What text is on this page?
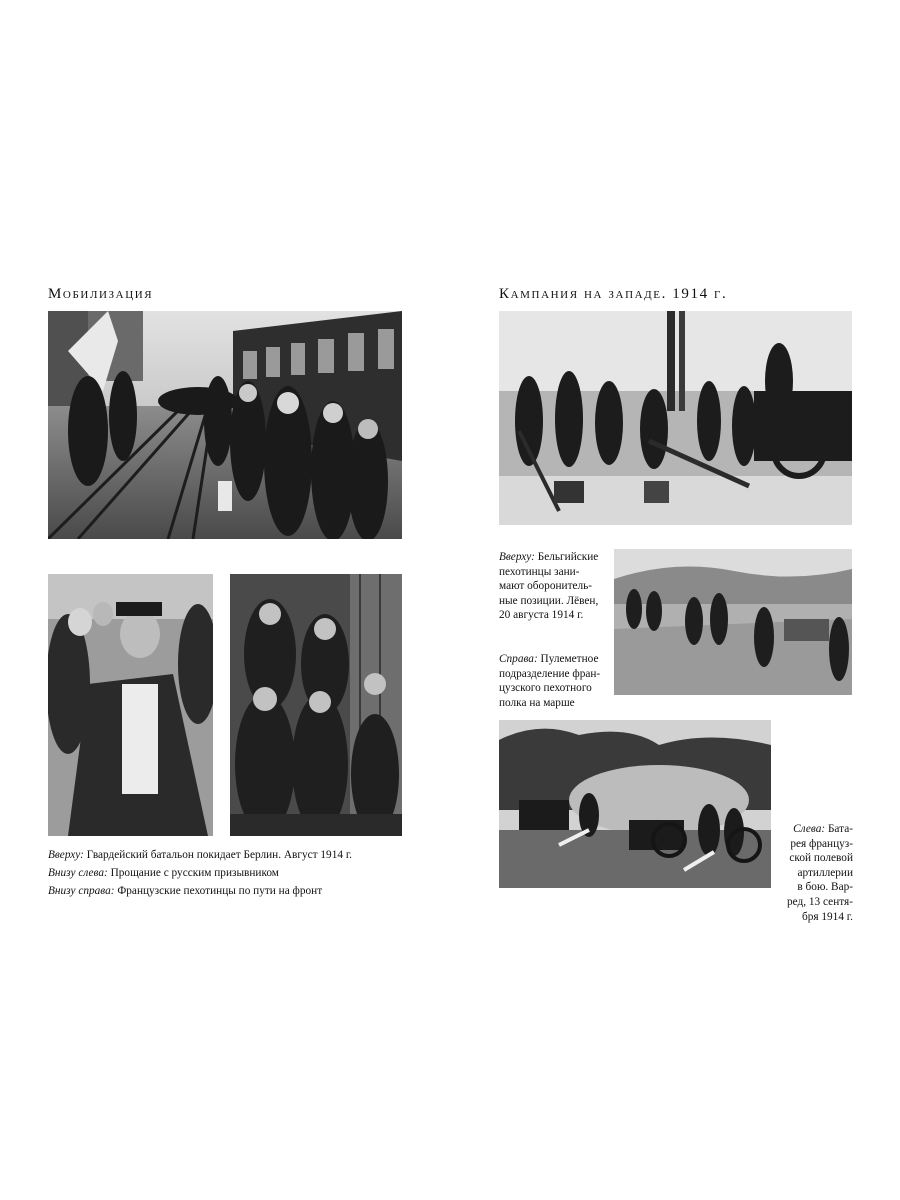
Мобилизация
Вверху: Гвардейский батальон покидает Берлин. Август 1914 г.
Внизу слева: Прощание с русским призывником
Внизу справа: Французские пехотинцы по пути на фронт
Кампания на западе. 1914 г.

Вверху: Бельгийские

пехотинцы зани-

мают оборонитель-

ные позиции. Лёвен,

20 августа 1914 г.

Справа: Пулеметное

подразделение фран-

цузского пехотного

полка на марше

Слева: Бата-

рея француз-

ской полевой

артиллерии

в бою. Вар-

ред, 13 сентя-

бря 1914 г.
